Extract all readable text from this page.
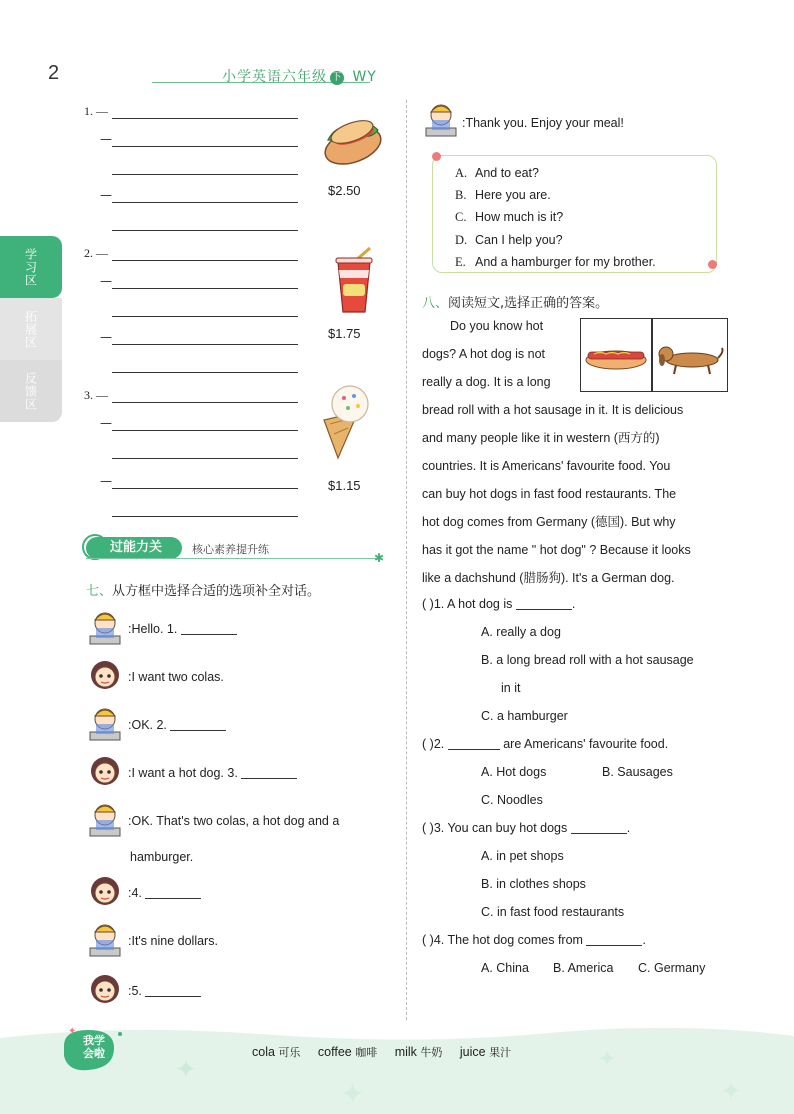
2	小学英语六年级 下 WY
学习区
拓展区
反馈区
1. —
—
—
2. —
—
—
3. —
—
—
$2.50
$1.75
$1.15
过能力关	核心素养提升练
✱
七、从方框中选择合适的选项补全对话。
:Hello. 1.
:I want two colas.
:OK. 2.
:I want a hot dog. 3.
:OK. That's two colas, a hot dog and a
hamburger.
:4.
:It's nine dollars.
:5.
:Thank you. Enjoy your meal!
A. And to eat?
B. Here you are.
C. How much is it?
D. Can I help you?
E. And a hamburger for my brother.
八、阅读短文,选择正确的答案。
Do you know hot
dogs? A hot dog is not
really a dog. It is a long
bread roll with a hot sausage in it. It is delicious
and many people like it in western (西方的)
countries. It is Americans' favourite food. You
can buy hot dogs in fast food restaurants. The
hot dog comes from Germany (德国). But why
has it got the name " hot dog" ? Because it looks
like a dachshund (腊肠狗). It's a German dog.
( )1. A hot dog is	.
A. really a dog
B. a long bread roll with a hot sausage
in it
C. a hamburger
( )2.	are Americans' favourite food.
A. Hot dogs	B. Sausages
C. Noodles
( )3. You can buy hot dogs	.
A. in pet shops
B. in clothes shops
C. in fast food restaurants
( )4. The hot dog comes from	.
A. China B. America C. Germany
✦
✦
✦
✦
✦
我学会啦	cola 可乐 coffee 咖啡 milk 牛奶 juice 果汁
